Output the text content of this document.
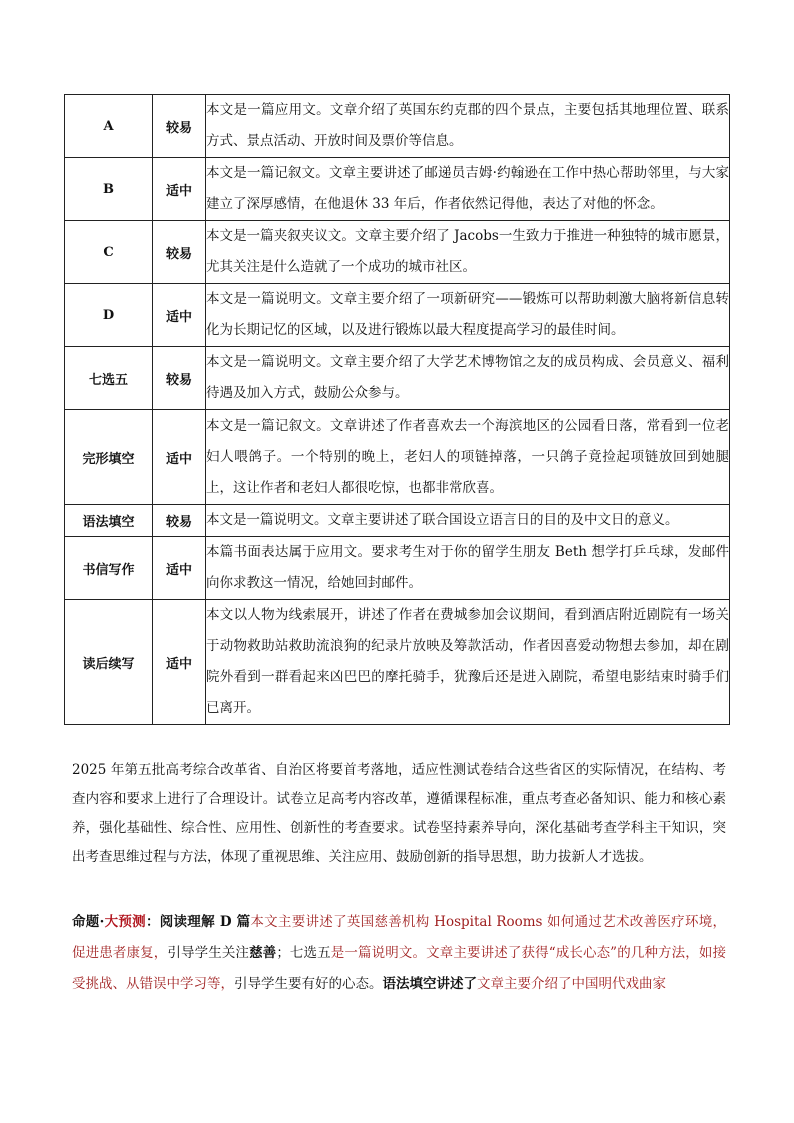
A	较易	本文是一篇应用文。文章介绍了英国东约克郡的四个景点，主要包括其地理位置、联系方式、景点活动、开放时间及票价等信息。
B	适中	本文是一篇记叙文。文章主要讲述了邮递员吉姆·约翰逊在工作中热心帮助邻里，与大家建立了深厚感情，在他退休 33 年后，作者依然记得他，表达了对他的怀念。
C	较易	本文是一篇夹叙夹议文。文章主要介绍了 Jacobs一生致力于推进一种独特的城市愿景，尤其关注是什么造就了一个成功的城市社区。
D	适中	本文是一篇说明文。文章主要介绍了一项新研究——锻炼可以帮助刺激大脑将新信息转化为长期记忆的区域，以及进行锻炼以最大程度提高学习的最佳时间。
七选五	较易	本文是一篇说明文。文章主要介绍了大学艺术博物馆之友的成员构成、会员意义、福利待遇及加入方式，鼓励公众参与。
完形填空	适中	本文是一篇记叙文。文章讲述了作者喜欢去一个海滨地区的公园看日落，常看到一位老妇人喂鸽子。一个特别的晚上，老妇人的项链掉落，一只鸽子竟捡起项链放回到她腿上，这让作者和老妇人都很吃惊，也都非常欣喜。
语法填空	较易	本文是一篇说明文。文章主要讲述了联合国设立语言日的目的及中文日的意义。
书信写作	适中	本篇书面表达属于应用文。要求考生对于你的留学生朋友 Beth 想学打乒乓球，发邮件向你求教这一情况，给她回封邮件。
读后续写	适中	本文以人物为线索展开，讲述了作者在费城参加会议期间，看到酒店附近剧院有一场关于动物救助站救助流浪狗的纪录片放映及筹款活动，作者因喜爱动物想去参加，却在剧院外看到一群看起来凶巴巴的摩托骑手，犹豫后还是进入剧院，希望电影结束时骑手们已离开。

2025 年第五批高考综合改革省、自治区将要首考落地，适应性测试卷结合这些省区的实际情况，在结构、考查内容和要求上进行了合理设计。试卷立足高考内容改革，遵循课程标准，重点考查必备知识、能力和核心素养，强化基础性、综合性、应用性、创新性的考查要求。试卷坚持素养导向，深化基础考查学科主干知识，突出考查思维过程与方法，体现了重视思维、关注应用、鼓励创新的指导思想，助力拔新人才选拔。

命题·大预测：阅读理解 D 篇本文主要讲述了英国慈善机构 Hospital Rooms 如何通过艺术改善医疗环境，促进患者康复，引导学生关注慈善；七选五是一篇说明文。文章主要讲述了获得“成长心态”的几种方法，如接受挑战、从错误中学习等，引导学生要有好的心态。语法填空讲述了文章主要介绍了中国明代戏曲家
